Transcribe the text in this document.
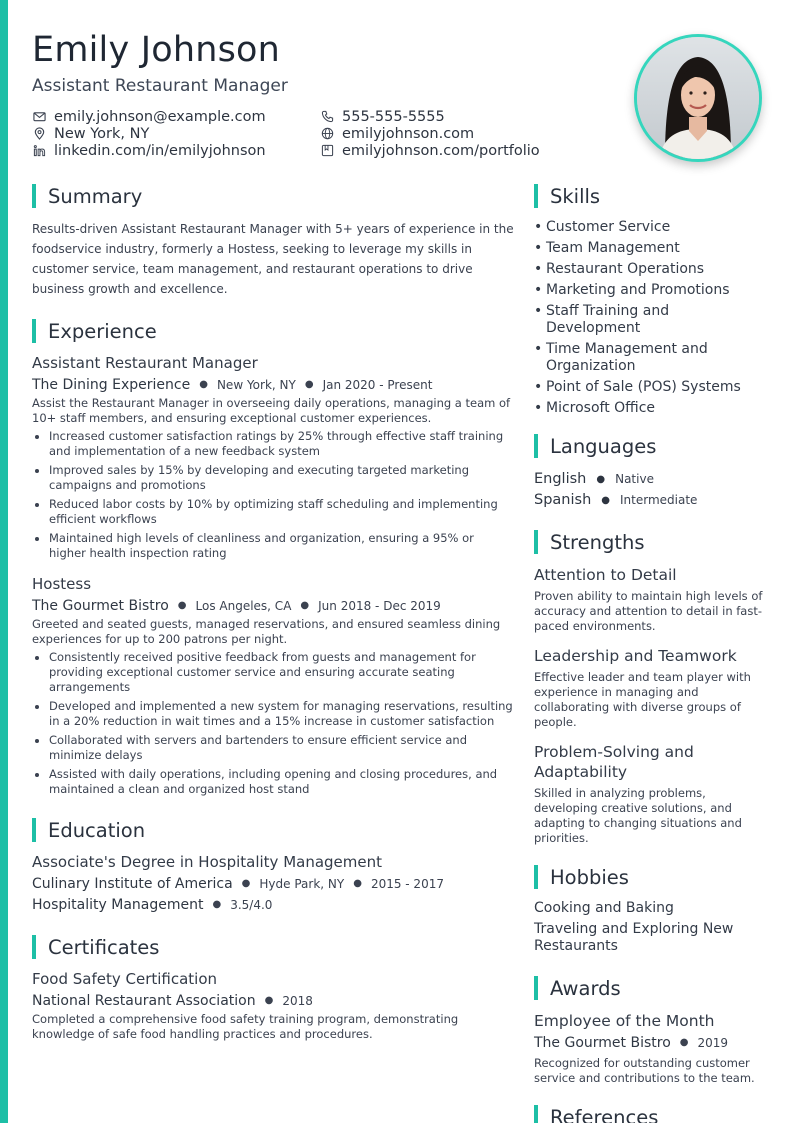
Emily Johnson
Assistant Restaurant Manager
emily.johnson@example.com
New York, NY
linkedin.com/in/emilyjohnson
555-555-5555
emilyjohnson.com
emilyjohnson.com/portfolio
Summary
Results-driven Assistant Restaurant Manager with 5+ years of experience in the foodservice industry, formerly a Hostess, seeking to leverage my skills in customer service, team management, and restaurant operations to drive business growth and excellence.
Experience
Assistant Restaurant Manager
The Dining Experience ● New York, NY ● Jan 2020 - Present
Assist the Restaurant Manager in overseeing daily operations, managing a team of 10+ staff members, and ensuring exceptional customer experiences.
Increased customer satisfaction ratings by 25% through effective staff training and implementation of a new feedback system
Improved sales by 15% by developing and executing targeted marketing campaigns and promotions
Reduced labor costs by 10% by optimizing staff scheduling and implementing efficient workflows
Maintained high levels of cleanliness and organization, ensuring a 95% or higher health inspection rating
Hostess
The Gourmet Bistro ● Los Angeles, CA ● Jun 2018 - Dec 2019
Greeted and seated guests, managed reservations, and ensured seamless dining experiences for up to 200 patrons per night.
Consistently received positive feedback from guests and management for providing exceptional customer service and ensuring accurate seating arrangements
Developed and implemented a new system for managing reservations, resulting in a 20% reduction in wait times and a 15% increase in customer satisfaction
Collaborated with servers and bartenders to ensure efficient service and minimize delays
Assisted with daily operations, including opening and closing procedures, and maintained a clean and organized host stand
Education
Associate's Degree in Hospitality Management
Culinary Institute of America ● Hyde Park, NY ● 2015 - 2017
Hospitality Management ● 3.5/4.0
Certificates
Food Safety Certification
National Restaurant Association ● 2018
Completed a comprehensive food safety training program, demonstrating knowledge of safe food handling practices and procedures.
Skills
• Customer Service
• Team Management
• Restaurant Operations
• Marketing and Promotions
• Staff Training and Development
• Time Management and Organization
• Point of Sale (POS) Systems
• Microsoft Office
Languages
English ● Native
Spanish ● Intermediate
Strengths
Attention to Detail
Proven ability to maintain high levels of accuracy and attention to detail in fast-paced environments.
Leadership and Teamwork
Effective leader and team player with experience in managing and collaborating with diverse groups of people.
Problem-Solving and Adaptability
Skilled in analyzing problems, developing creative solutions, and adapting to changing situations and priorities.
Hobbies
Cooking and Baking
Traveling and Exploring New Restaurants
Awards
Employee of the Month
The Gourmet Bistro ● 2019
Recognized for outstanding customer service and contributions to the team.
References
